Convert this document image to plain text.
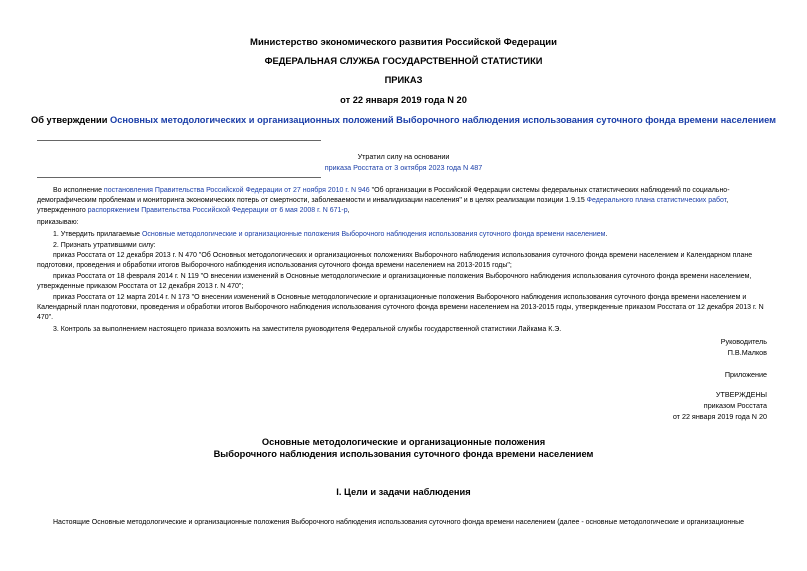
Министерство экономического развития Российской Федерации

ФЕДЕРАЛЬНАЯ СЛУЖБА ГОСУДАРСТВЕННОЙ СТАТИСТИКИ

ПРИКАЗ

от 22 января 2019 года N 20

Об утверждении Основных методологических и организационных положений Выборочного наблюдения использования суточного фонда времени населением

Утратил силу на основании

приказа Росстата от 3 октября 2023 года N 487

Во исполнение постановления Правительства Российской Федерации от 27 ноября 2010 г. N 946 "Об организации в Российской Федерации системы федеральных статистических наблюдений по социально-демографическим проблемам и мониторинга экономических потерь от смертности, заболеваемости и инвалидизации населения" и в целях реализации позиции 1.9.15 Федерального плана статистических работ, утвержденного распоряжением Правительства Российской Федерации от 6 мая 2008 г. N 671-р,

приказываю:

1. Утвердить прилагаемые Основные методологические и организационные положения Выборочного наблюдения использования суточного фонда времени населением.

2. Признать утратившими силу:

приказ Росстата от 12 декабря 2013 г. N 470 "Об Основных методологических и организационных положениях Выборочного наблюдения использования суточного фонда времени населением и Календарном плане подготовки, проведения и обработки итогов Выборочного наблюдения использования суточного фонда времени населением на 2013-2015 годы";

приказ Росстата от 18 февраля 2014 г. N 119 "О внесении изменений в Основные методологические и организационные положения Выборочного наблюдения использования суточного фонда времени населением, утвержденные приказом Росстата от 12 декабря 2013 г. N 470";

приказ Росстата от 12 марта 2014 г. N 173 "О внесении изменений в Основные методологические и организационные положения Выборочного наблюдения использования суточного фонда времени населением и Календарный план подготовки, проведения и обработки итогов Выборочного наблюдения использования суточного фонда времени населением на 2013-2015 годы, утвержденные приказом Росстата от 12 декабря 2013 г. N 470".

3. Контроль за выполнением настоящего приказа возложить на заместителя руководителя Федеральной службы государственной статистики Лайкама К.Э.

Руководитель

П.В.Малков

Приложение

УТВЕРЖДЕНЫ

приказом Росстата

от 22 января 2019 года N 20

Основные методологические и организационные положения

Выборочного наблюдения использования суточного фонда времени населением

I. Цели и задачи наблюдения

Настоящие Основные методологические и организационные положения Выборочного наблюдения использования суточного фонда времени населением (далее - основные методологические и организационные
